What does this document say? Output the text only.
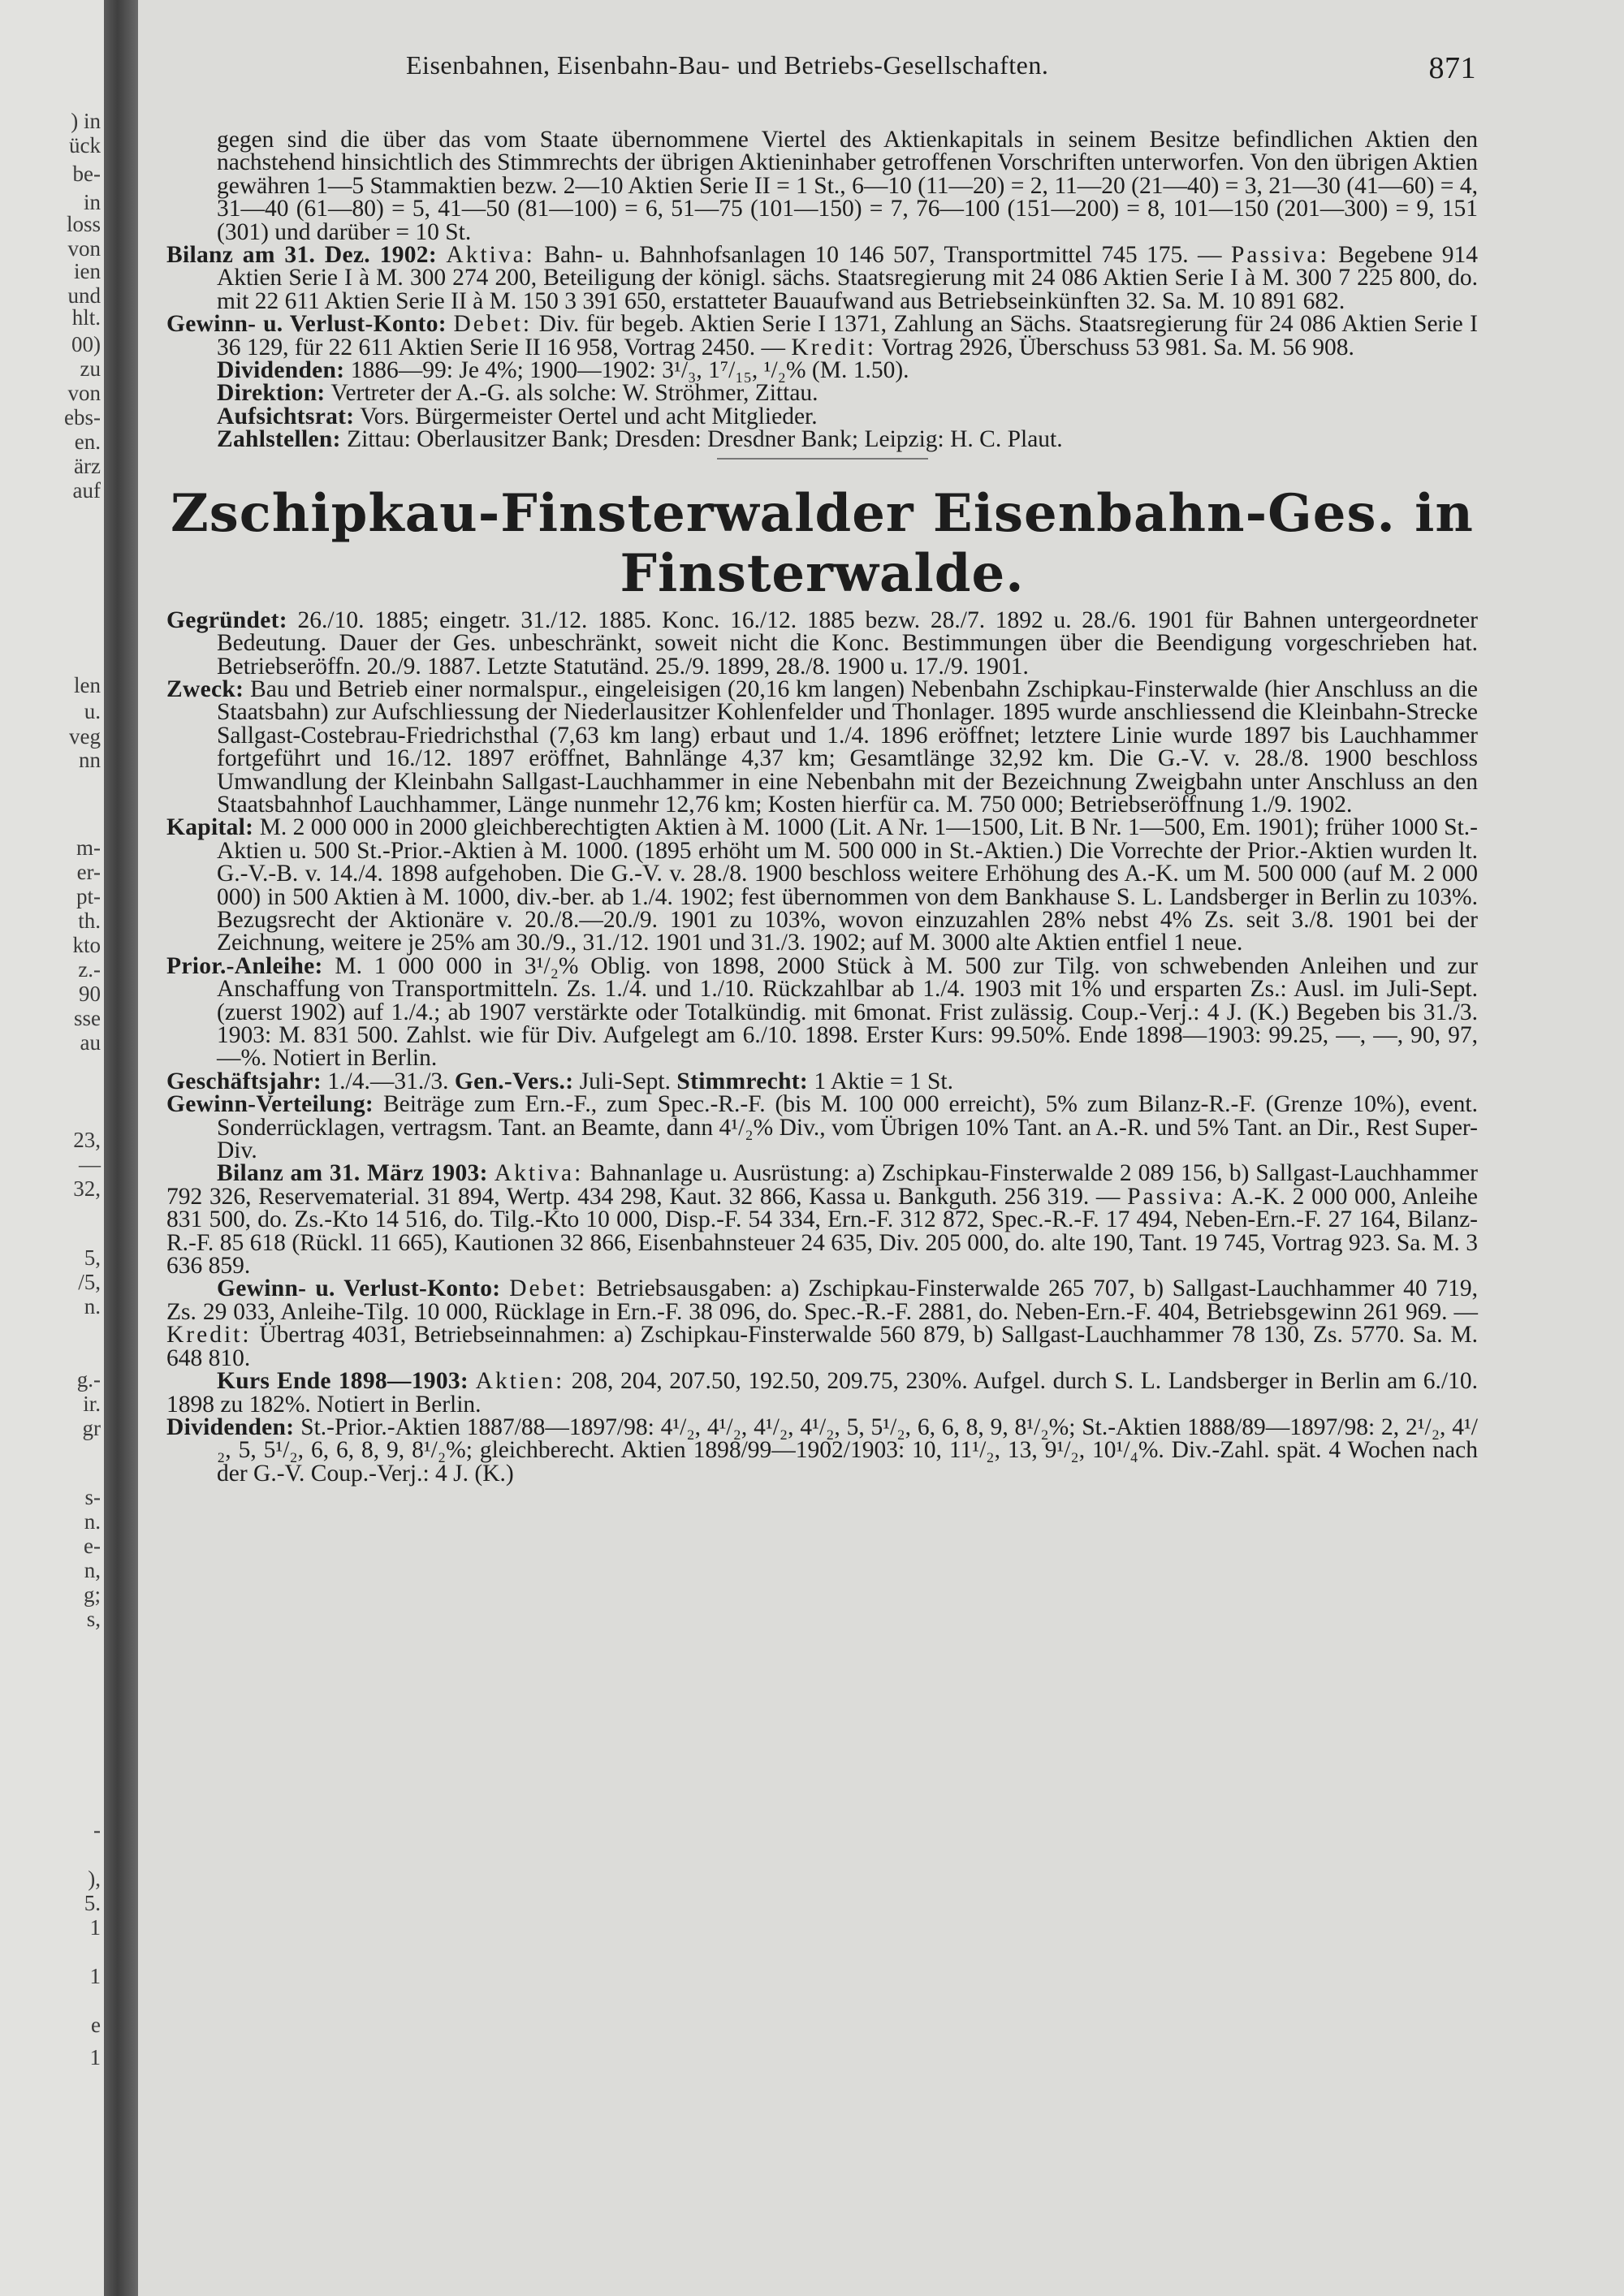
) in
ück
be-
in
loss
von
ien
und
hlt.
00)
zu
von
ebs-
en.
ärz
auf
len
u.
veg
nn
m-
er-
pt-
th.
kto
z.-
90
sse
au
23,
—
32,
5,
/5,
n.
g.-
ir.
gr
s-
n.
e-
n,
g;
s,
-
),
5.
1
1
e
1
Eisenbahnen, Eisenbahn-Bau- und Betriebs-Gesellschaften.	871

gegen sind die über das vom Staate übernommene Viertel des Aktienkapitals in seinem Besitze befindlichen Aktien den nachstehend hinsichtlich des Stimmrechts der übrigen Aktieninhaber getroffenen Vorschriften unterworfen. Von den übrigen Aktien gewähren 1—5 Stammaktien bezw. 2—10 Aktien Serie II = 1 St., 6—10 (11—20) = 2, 11—20 (21—40) = 3, 21—30 (41—60) = 4, 31—40 (61—80) = 5, 41—50 (81—100) = 6, 51—75 (101—150) = 7, 76—100 (151—200) = 8, 101—150 (201—300) = 9, 151 (301) und darüber = 10 St.

Bilanz am 31. Dez. 1902: Aktiva: Bahn- u. Bahnhofsanlagen 10 146 507, Transportmittel 745 175. — Passiva: Begebene 914 Aktien Serie I à M. 300 274 200, Beteiligung der königl. sächs. Staatsregierung mit 24 086 Aktien Serie I à M. 300 7 225 800, do. mit 22 611 Aktien Serie II à M. 150 3 391 650, erstatteter Bauaufwand aus Betriebseinkünften 32. Sa. M. 10 891 682.

Gewinn- u. Verlust-Konto: Debet: Div. für begeb. Aktien Serie I 1371, Zahlung an Sächs. Staatsregierung für 24 086 Aktien Serie I 36 129, für 22 611 Aktien Serie II 16 958, Vortrag 2450. — Kredit: Vortrag 2926, Überschuss 53 981. Sa. M. 56 908.

Dividenden: 1886—99: Je 4%; 1900—1902: 3¹/₃, 1⁷/₁₅, ¹/₂% (M. 1.50).

Direktion: Vertreter der A.-G. als solche: W. Ströhmer, Zittau.

Aufsichtsrat: Vors. Bürgermeister Oertel und acht Mitglieder.

Zahlstellen: Zittau: Oberlausitzer Bank; Dresden: Dresdner Bank; Leipzig: H. C. Plaut.

Zschipkau-Finsterwalder Eisenbahn-Ges. in Finsterwalde.

Gegründet: 26./10. 1885; eingetr. 31./12. 1885. Konc. 16./12. 1885 bezw. 28./7. 1892 u. 28./6. 1901 für Bahnen untergeordneter Bedeutung. Dauer der Ges. unbeschränkt, soweit nicht die Konc. Bestimmungen über die Beendigung vorgeschrieben hat. Betriebseröffn. 20./9. 1887. Letzte Statutänd. 25./9. 1899, 28./8. 1900 u. 17./9. 1901.

Zweck: Bau und Betrieb einer normalspur., eingeleisigen (20,16 km langen) Nebenbahn Zschipkau-Finsterwalde (hier Anschluss an die Staatsbahn) zur Aufschliessung der Niederlausitzer Kohlenfelder und Thonlager. 1895 wurde anschliessend die Kleinbahn-Strecke Sallgast-Costebrau-Friedrichsthal (7,63 km lang) erbaut und 1./4. 1896 eröffnet; letztere Linie wurde 1897 bis Lauchhammer fortgeführt und 16./12. 1897 eröffnet, Bahnlänge 4,37 km; Gesamtlänge 32,92 km. Die G.-V. v. 28./8. 1900 beschloss Umwandlung der Kleinbahn Sallgast-Lauchhammer in eine Nebenbahn mit der Bezeichnung Zweigbahn unter Anschluss an den Staatsbahnhof Lauchhammer, Länge nunmehr 12,76 km; Kosten hierfür ca. M. 750 000; Betriebseröffnung 1./9. 1902.

Kapital: M. 2 000 000 in 2000 gleichberechtigten Aktien à M. 1000 (Lit. A Nr. 1—1500, Lit. B Nr. 1—500, Em. 1901); früher 1000 St.-Aktien u. 500 St.-Prior.-Aktien à M. 1000. (1895 erhöht um M. 500 000 in St.-Aktien.) Die Vorrechte der Prior.-Aktien wurden lt. G.-V.-B. v. 14./4. 1898 aufgehoben. Die G.-V. v. 28./8. 1900 beschloss weitere Erhöhung des A.-K. um M. 500 000 (auf M. 2 000 000) in 500 Aktien à M. 1000, div.-ber. ab 1./4. 1902; fest übernommen von dem Bankhause S. L. Landsberger in Berlin zu 103%. Bezugsrecht der Aktionäre v. 20./8.—20./9. 1901 zu 103%, wovon einzuzahlen 28% nebst 4% Zs. seit 3./8. 1901 bei der Zeichnung, weitere je 25% am 30./9., 31./12. 1901 und 31./3. 1902; auf M. 3000 alte Aktien entfiel 1 neue.

Prior.-Anleihe: M. 1 000 000 in 3¹/₂% Oblig. von 1898, 2000 Stück à M. 500 zur Tilg. von schwebenden Anleihen und zur Anschaffung von Transportmitteln. Zs. 1./4. und 1./10. Rückzahlbar ab 1./4. 1903 mit 1% und ersparten Zs.: Ausl. im Juli-Sept. (zuerst 1902) auf 1./4.; ab 1907 verstärkte oder Totalkündig. mit 6monat. Frist zulässig. Coup.-Verj.: 4 J. (K.) Begeben bis 31./3. 1903: M. 831 500. Zahlst. wie für Div. Aufgelegt am 6./10. 1898. Erster Kurs: 99.50%. Ende 1898—1903: 99.25, —, —, 90, 97, —%. Notiert in Berlin.

Geschäftsjahr: 1./4.—31./3. Gen.-Vers.: Juli-Sept. Stimmrecht: 1 Aktie = 1 St.

Gewinn-Verteilung: Beiträge zum Ern.-F., zum Spec.-R.-F. (bis M. 100 000 erreicht), 5% zum Bilanz-R.-F. (Grenze 10%), event. Sonderrücklagen, vertragsm. Tant. an Beamte, dann 4¹/₂% Div., vom Übrigen 10% Tant. an A.-R. und 5% Tant. an Dir., Rest Super-Div.

Bilanz am 31. März 1903: Aktiva: Bahnanlage u. Ausrüstung: a) Zschipkau-Finsterwalde 2 089 156, b) Sallgast-Lauchhammer 792 326, Reservematerial. 31 894, Wertp. 434 298, Kaut. 32 866, Kassa u. Bankguth. 256 319. — Passiva: A.-K. 2 000 000, Anleihe 831 500, do. Zs.-Kto 14 516, do. Tilg.-Kto 10 000, Disp.-F. 54 334, Ern.-F. 312 872, Spec.-R.-F. 17 494, Neben-Ern.-F. 27 164, Bilanz-R.-F. 85 618 (Rückl. 11 665), Kautionen 32 866, Eisenbahnsteuer 24 635, Div. 205 000, do. alte 190, Tant. 19 745, Vortrag 923. Sa. M. 3 636 859.

Gewinn- u. Verlust-Konto: Debet: Betriebsausgaben: a) Zschipkau-Finsterwalde 265 707, b) Sallgast-Lauchhammer 40 719, Zs. 29 033, Anleihe-Tilg. 10 000, Rücklage in Ern.-F. 38 096, do. Spec.-R.-F. 2881, do. Neben-Ern.-F. 404, Betriebsgewinn 261 969. — Kredit: Übertrag 4031, Betriebseinnahmen: a) Zschipkau-Finsterwalde 560 879, b) Sallgast-Lauchhammer 78 130, Zs. 5770. Sa. M. 648 810.

Kurs Ende 1898—1903: Aktien: 208, 204, 207.50, 192.50, 209.75, 230%. Aufgel. durch S. L. Landsberger in Berlin am 6./10. 1898 zu 182%. Notiert in Berlin.

Dividenden: St.-Prior.-Aktien 1887/88—1897/98: 4¹/₂, 4¹/₂, 4¹/₂, 4¹/₂, 5, 5¹/₂, 6, 6, 8, 9, 8¹/₂%; St.-Aktien 1888/89—1897/98: 2, 2¹/₂, 4¹/₂, 5, 5¹/₂, 6, 6, 8, 9, 8¹/₂%; gleichberecht. Aktien 1898/99—1902/1903: 10, 11¹/₂, 13, 9¹/₂, 10¹/₄%. Div.-Zahl. spät. 4 Wochen nach der G.-V. Coup.-Verj.: 4 J. (K.)
